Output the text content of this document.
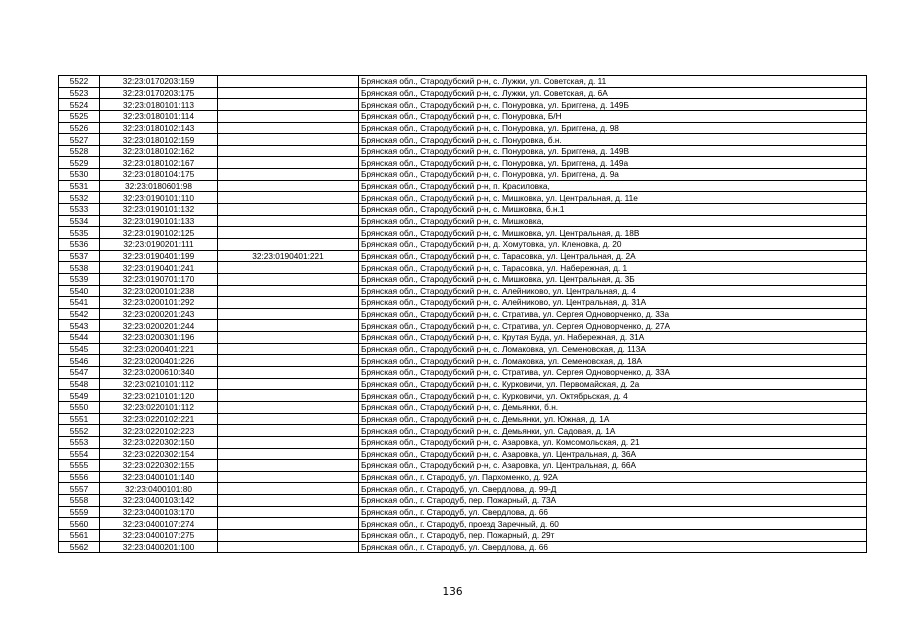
5522	32:23:0170203:159		Брянская обл., Стародубский р-н, с. Лужки, ул. Советская, д. 11
5523	32:23:0170203:175		Брянская обл., Стародубский р-н, с. Лужки, ул. Советская, д. 6А
5524	32:23:0180101:113		Брянская обл., Стародубский р-н, с. Понуровка, ул. Бриггена, д. 149Б
5525	32:23:0180101:114		Брянская обл., Стародубский р-н, с. Понуровка, Б/Н
5526	32:23:0180102:143		Брянская обл., Стародубский р-н, с. Понуровка, ул. Бриггена, д. 98
5527	32:23:0180102:159		Брянская обл., Стародубский р-н, с. Понуровка, б.н.
5528	32:23:0180102:162		Брянская обл., Стародубский р-н, с. Понуровка, ул. Бриггена, д. 149В
5529	32:23:0180102:167		Брянская обл., Стародубский р-н, с. Понуровка, ул. Бриггена, д. 149а
5530	32:23:0180104:175		Брянская обл., Стародубский р-н, с. Понуровка, ул. Бриггена, д. 9а
5531	32:23:0180601:98		Брянская обл., Стародубский р-н, п. Красиловка,
5532	32:23:0190101:110		Брянская обл., Стародубский р-н, с. Мишковка, ул. Центральная, д. 11е
5533	32:23:0190101:132		Брянская обл., Стародубский р-н, с. Мишковка, б.н.1
5534	32:23:0190101:133		Брянская обл., Стародубский р-н, с. Мишковка,
5535	32:23:0190102:125		Брянская обл., Стародубский р-н, с. Мишковка, ул. Центральная, д. 18В
5536	32:23:0190201:111		Брянская обл., Стародубский р-н, д. Хомутовка, ул. Кленовка, д. 20
5537	32:23:0190401:199	32:23:0190401:221	Брянская обл., Стародубский р-н, с. Тарасовка, ул. Центральная, д. 2А
5538	32:23:0190401:241		Брянская обл., Стародубский р-н, с. Тарасовка, ул. Набережная, д. 1
5539	32:23:0190701:170		Брянская обл., Стародубский р-н, с. Мишковка, ул. Центральная, д. 3Б
5540	32:23:0200101:238		Брянская обл., Стародубский р-н, с. Алейниково, ул. Центральная, д. 4
5541	32:23:0200101:292		Брянская обл., Стародубский р-н, с. Алейниково, ул. Центральная, д. 31А
5542	32:23:0200201:243		Брянская обл., Стародубский р-н, с. Стратива, ул. Сергея Одноворченко, д. 33а
5543	32:23:0200201:244		Брянская обл., Стародубский р-н, с. Стратива, ул. Сергея Одноворченко, д. 27А
5544	32:23:0200301:196		Брянская обл., Стародубский р-н, с. Крутая Буда, ул. Набережная, д. 31А
5545	32:23:0200401:221		Брянская обл., Стародубский р-н, с. Ломаковка, ул. Семеновская, д. 113А
5546	32:23:0200401:226		Брянская обл., Стародубский р-н, с. Ломаковка, ул. Семеновская, д. 18А
5547	32:23:0200610:340		Брянская обл., Стародубский р-н, с. Стратива, ул. Сергея Одноворченко, д. 33А
5548	32:23:0210101:112		Брянская обл., Стародубский р-н, с. Курковичи, ул. Первомайская, д. 2а
5549	32:23:0210101:120		Брянская обл., Стародубский р-н, с. Курковичи, ул. Октябрьская, д. 4
5550	32:23:0220101:112		Брянская обл., Стародубский р-н, с. Демьянки, б.н.
5551	32:23:0220102:221		Брянская обл., Стародубский р-н, с. Демьянки, ул. Южная, д. 1А
5552	32:23:0220102:223		Брянская обл., Стародубский р-н, с. Демьянки, ул. Садовая, д. 1А
5553	32:23:0220302:150		Брянская обл., Стародубский р-н, с. Азаровка, ул. Комсомольская, д. 21
5554	32:23:0220302:154		Брянская обл., Стародубский р-н, с. Азаровка, ул. Центральная, д. 36А
5555	32:23:0220302:155		Брянская обл., Стародубский р-н, с. Азаровка, ул. Центральная, д. 66А
5556	32:23:0400101:140		Брянская обл., г. Стародуб, ул. Пархоменко, д. 92А
5557	32:23:0400101:80		Брянская обл., г. Стародуб, ул. Свердлова, д. 99-Д
5558	32:23:0400103:142		Брянская обл., г. Стародуб, пер. Пожарный, д. 73А
5559	32:23:0400103:170		Брянская обл., г. Стародуб, ул. Свердлова, д. 66
5560	32:23:0400107:274		Брянская обл., г. Стародуб, проезд Заречный, д. 60
5561	32:23:0400107:275		Брянская обл., г. Стародуб, пер. Пожарный, д. 29т
5562	32:23:0400201:100		Брянская обл., г. Стародуб, ул. Свердлова, д. 66
136
